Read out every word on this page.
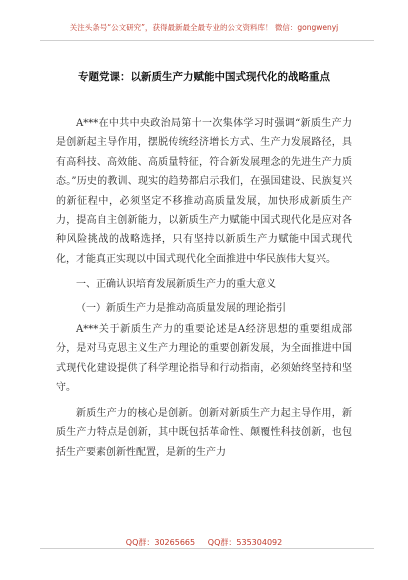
关注头条号“公文研究”，获得最新最全最专业的公文资料库！ 微信：gongwenyj
专题党课：以新质生产力赋能中国式现代化的战略重点

A***在中共中央政治局第十一次集体学习时强调“新质生产力是创新起主导作用，摆脱传统经济增长方式、生产力发展路径，具有高科技、高效能、高质量特征，符合新发展理念的先进生产力质态。”历史的教训、现实的趋势都启示我们，在强国建设、民族复兴的新征程中，必须坚定不移推动高质量发展，加快形成新质生产力，提高自主创新能力，以新质生产力赋能中国式现代化是应对各种风险挑战的战略选择，只有坚持以新质生产力赋能中国式现代化，才能真正实现以中国式现代化全面推进中华民族伟大复兴。

一、正确认识培育发展新质生产力的重大意义

（一）新质生产力是推动高质量发展的理论指引

A***关于新质生产力的重要论述是A经济思想的重要组成部分，是对马克思主义生产力理论的重要创新发展，为全面推进中国式现代化建设提供了科学理论指导和行动指南，必须始终坚持和坚守。

新质生产力的核心是创新。创新对新质生产力起主导作用，新质生产力特点是创新，其中既包括革命性、颠覆性科技创新，也包括生产要素创新性配置，是新的生产力

QQ群：30265665     QQ群：535304092
